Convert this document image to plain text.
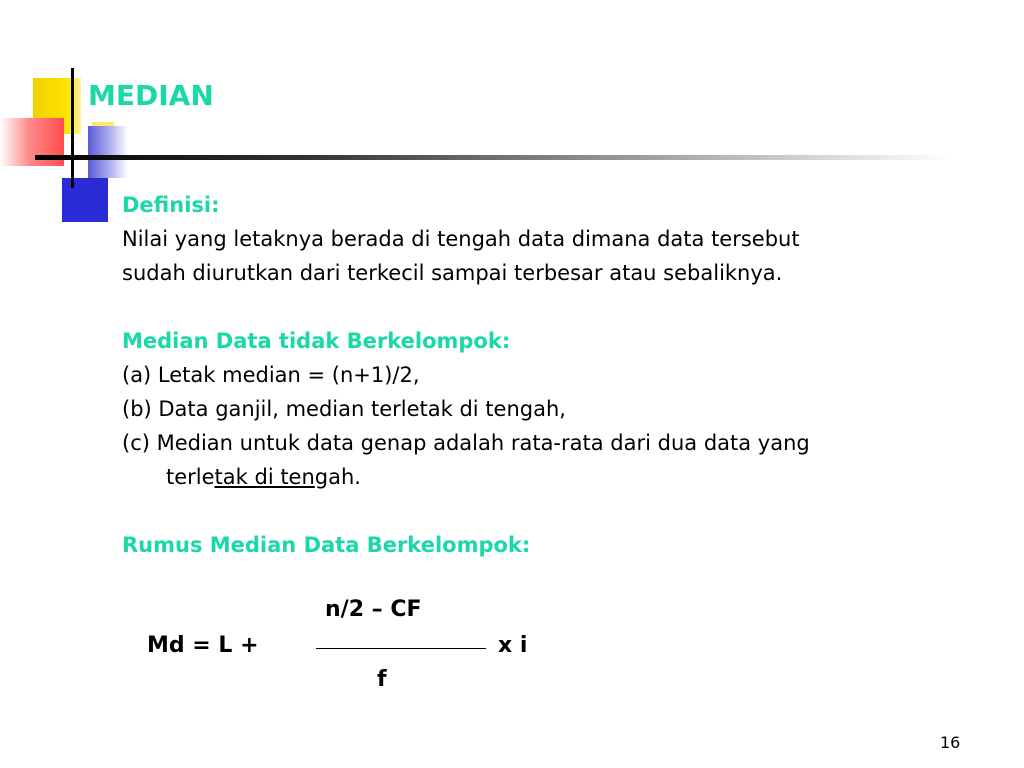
MEDIAN
Definisi:
Nilai yang letaknya berada di tengah data dimana data tersebut
sudah diurutkan dari terkecil sampai terbesar atau sebaliknya.
Median Data tidak Berkelompok:
(a) Letak median = (n+1)/2,
(b) Data ganjil, median terletak di tengah,
(c) Median untuk data genap adalah rata-rata dari dua data yang
terletak di tengah.
Rumus Median Data Berkelompok:
n/2 – CF
Md = L +	x i
f
16
